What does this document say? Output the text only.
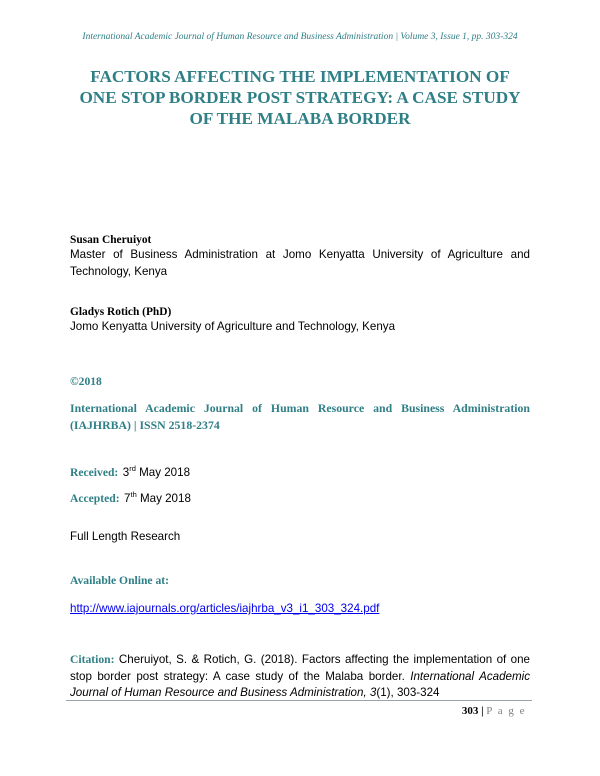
International Academic Journal of Human Resource and Business Administration | Volume 3, Issue 1, pp. 303-324
FACTORS AFFECTING THE IMPLEMENTATION OF
ONE STOP BORDER POST STRATEGY: A CASE STUDY
OF THE MALABA BORDER
Susan Cheruiyot
Master of Business Administration at Jomo Kenyatta University of Agriculture and Technology, Kenya
Gladys Rotich (PhD)
Jomo Kenyatta University of Agriculture and Technology, Kenya
©2018
International Academic Journal of Human Resource and Business Administration (IAJHRBA) | ISSN 2518-2374
Received: 3rd May 2018
Accepted: 7th May 2018
Full Length Research
Available Online at:
http://www.iajournals.org/articles/iajhrba_v3_i1_303_324.pdf
Citation: Cheruiyot, S. & Rotich, G. (2018). Factors affecting the implementation of one stop border post strategy: A case study of the Malaba border. International Academic Journal of Human Resource and Business Administration, 3(1), 303-324
303 | P a g e
